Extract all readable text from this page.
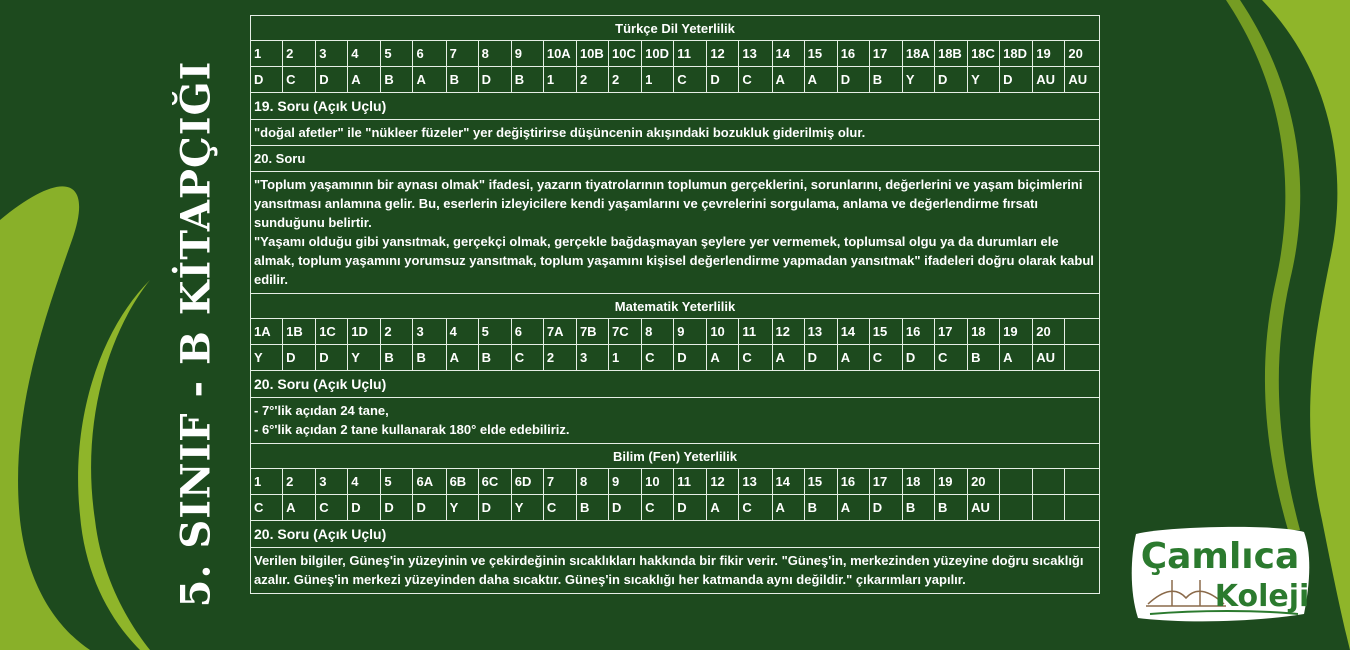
5. SINIF - B KİTAPÇIĞI
Türkçe Dil Yeterlilik																									
1	2	3	4	5	6	7	8	9	10A	10B	10C	10D	11	12	13	14	15	16	17	18A	18B	18C	18D	19	20
D	C	D	A	B	A	B	D	B	1	2	2	1	C	D	C	A	A	D	B	Y	D	Y	D	AU	AU
19. Soru (Açık Uçlu)																									
"doğal afetler" ile "nükleer füzeler" yer değiştirirse düşüncenin akışındaki bozukluk giderilmiş olur.																									
20. Soru																									

"Toplum yaşamının bir aynası olmak" ifadesi, yazarın tiyatrolarının toplumun gerçeklerini, sorunlarını, değerlerini ve yaşam biçimlerini yansıtması anlamına gelir. Bu, eserlerin izleyicilere kendi yaşamlarını ve çevrelerini sorgulama, anlama ve değerlendirme fırsatı sunduğunu belirtir.

"Yaşamı olduğu gibi yansıtmak, gerçekçi olmak, gerçekle bağdaşmayan şeylere yer vermemek, toplumsal olgu ya da durumları ele almak, toplum yaşamını yorumsuz yansıtmak, toplum yaşamını kişisel değerlendirme yapmadan yansıtmak" ifadeleri doğru olarak kabul edilir.																									

Matematik Yeterlilik																									
1A	1B	1C	1D	2	3	4	5	6	7A	7B	7C	8	9	10	11	12	13	14	15	16	17	18	19	20	
Y	D	D	Y	B	B	A	B	C	2	3	1	C	D	A	C	A	D	A	C	D	C	B	A	AU	
20. Soru (Açık Uçlu)																									

- 7°'lik açıdan 24 tane,

- 6°'lik açıdan 2 tane kullanarak 180° elde edebiliriz.																									

Bilim (Fen) Yeterlilik																									
1	2	3	4	5	6A	6B	6C	6D	7	8	9	10	11	12	13	14	15	16	17	18	19	20			
C	A	C	D	D	D	Y	D	Y	C	B	D	C	D	A	C	A	B	A	D	B	B	AU			
20. Soru (Açık Uçlu)																									
Verilen bilgiler, Güneş'in yüzeyinin ve çekirdeğinin sıcaklıkları hakkında bir fikir verir. "Güneş'in, merkezinden yüzeyine doğru sıcaklığı azalır. Güneş'in merkezi yüzeyinden daha sıcaktır. Güneş'in sıcaklığı her katmanda aynı değildir." çıkarımları yapılır.																									
Çamlıca
Koleji
